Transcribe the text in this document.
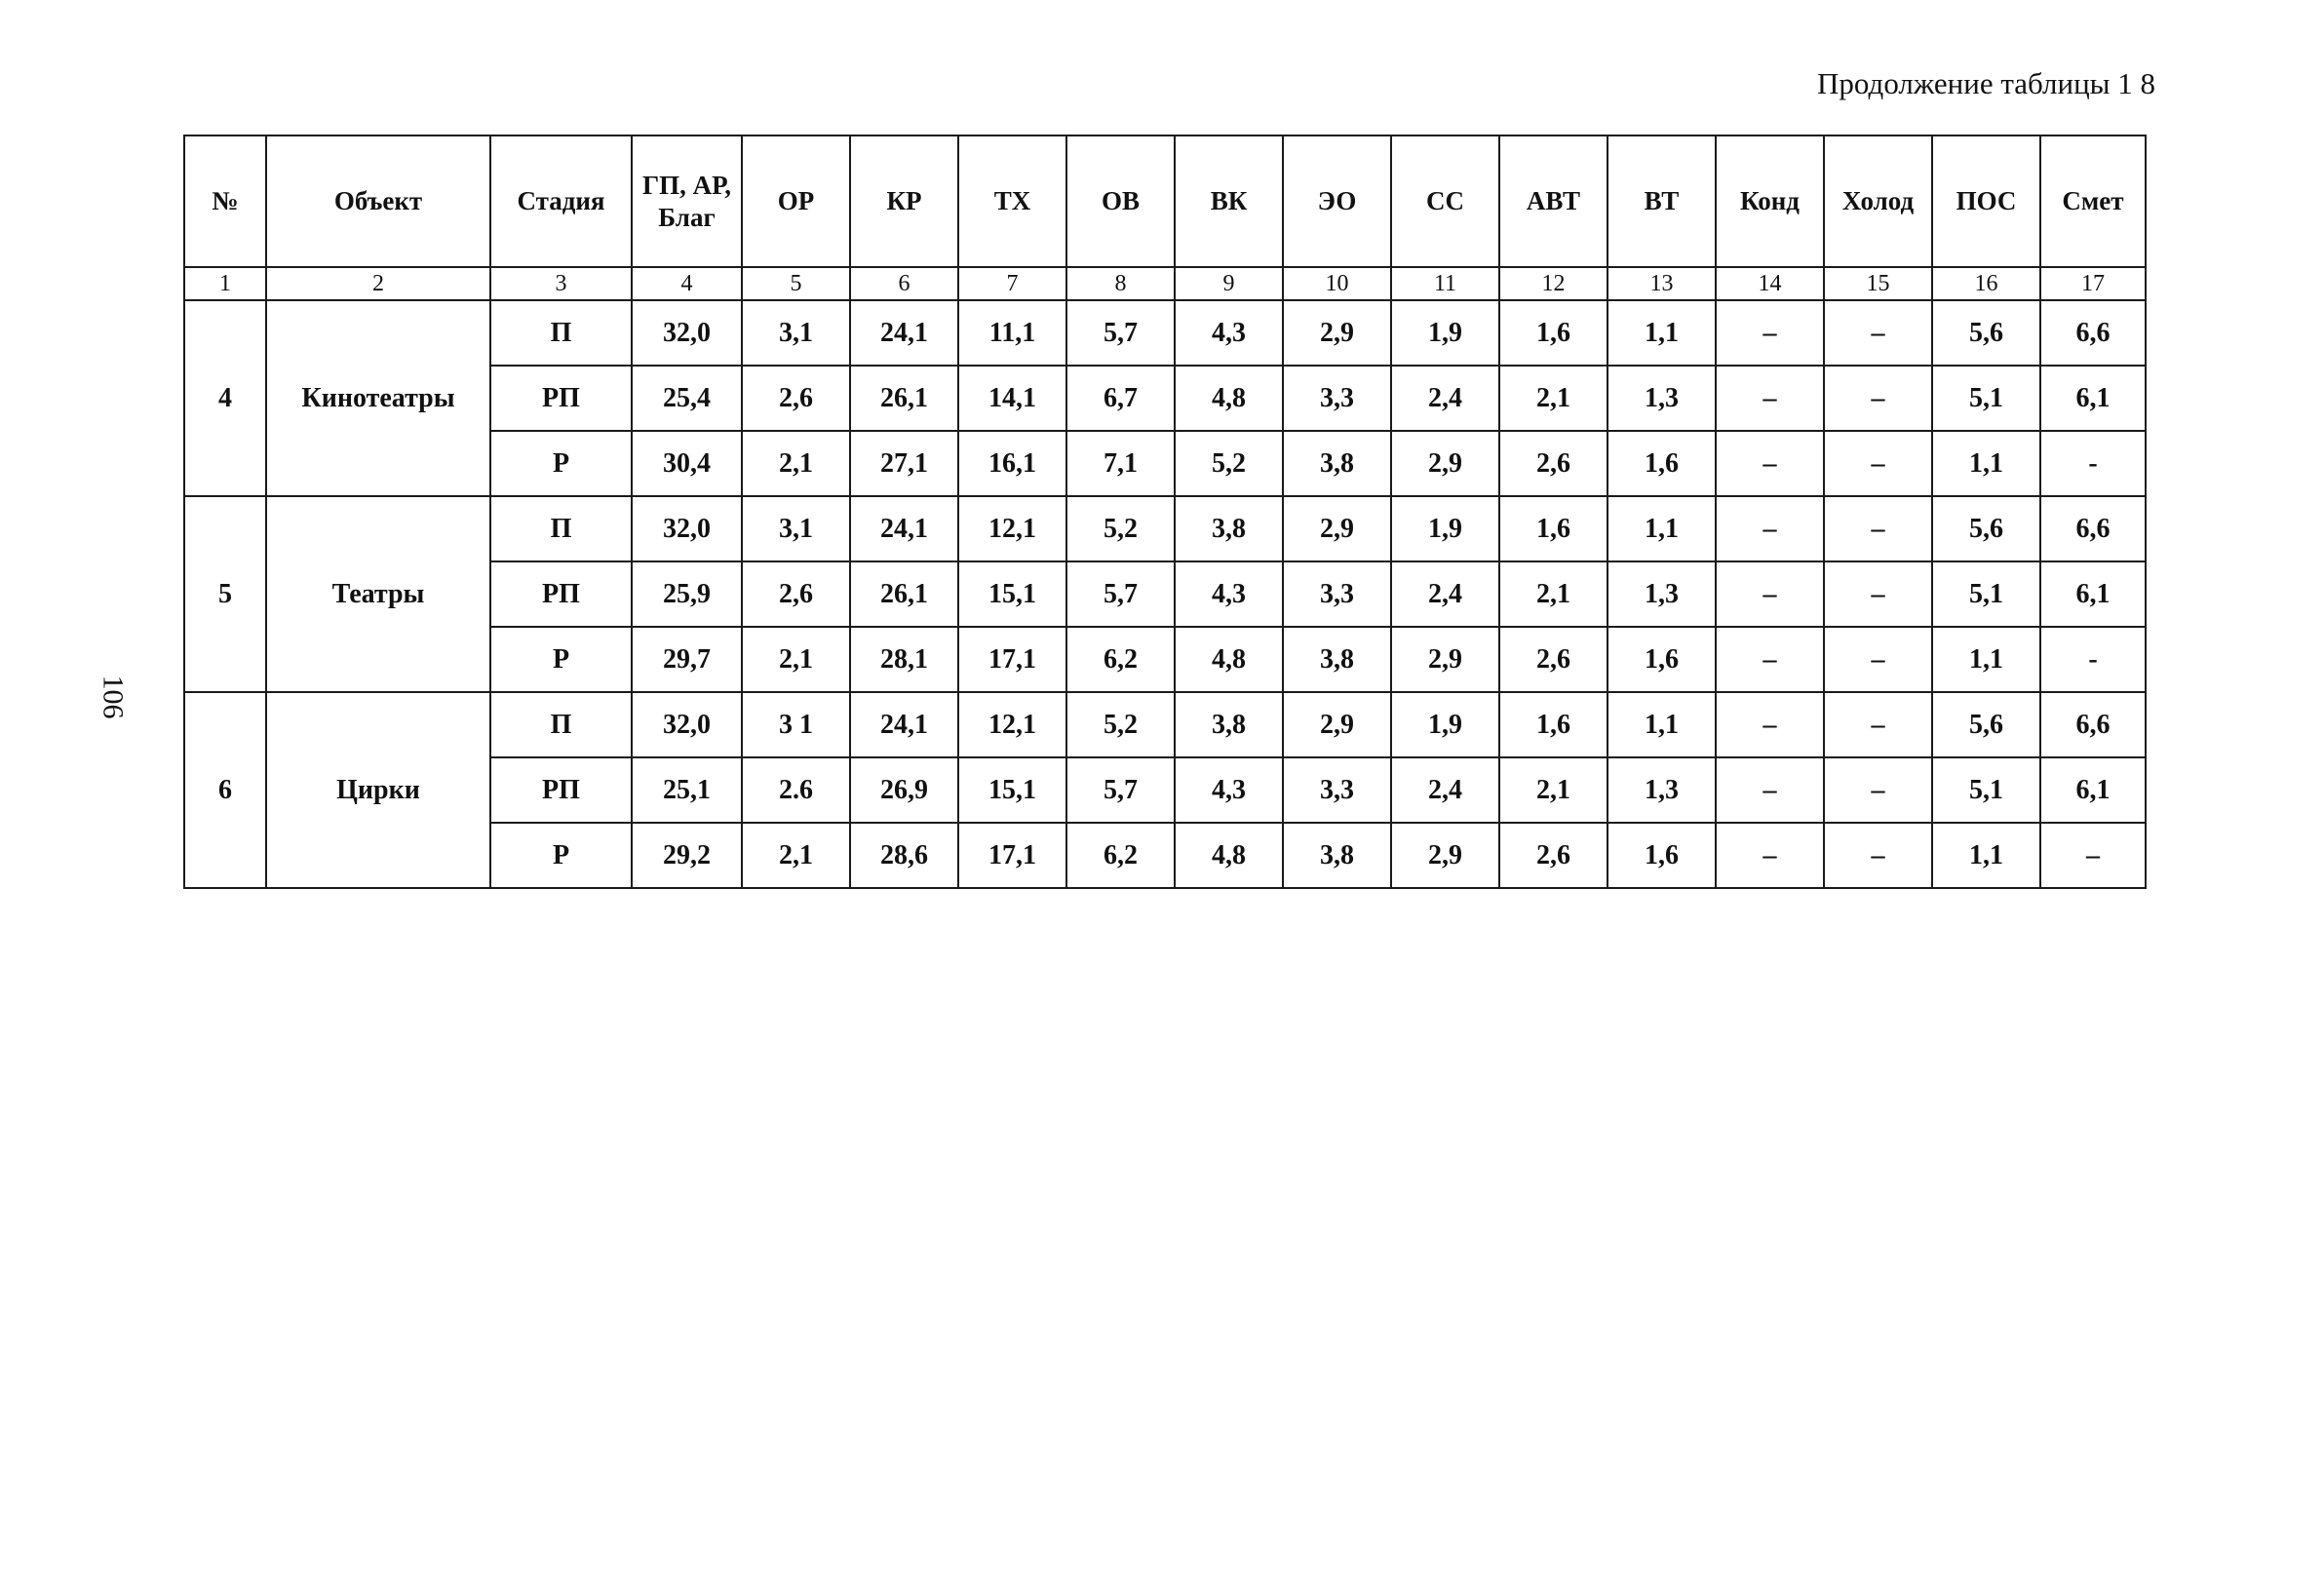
Продолжение таблицы 1 8
106
№	Объект	Стадия	ГП, АР, Благ	ОР	КР	ТХ	ОВ	ВК	ЭО	СС	АВТ	ВТ	Конд	Холод	ПОС	Смет
1	2	3	4	5	6	7	8	9	10	11	12	13	14	15	16	17
4	Кинотеатры	П	32,0	3,1	24,1	11,1	5,7	4,3	2,9	1,9	1,6	1,1	–	–	5,6	6,6
		РП	25,4	2,6	26,1	14,1	6,7	4,8	3,3	2,4	2,1	1,3	–	–	5,1	6,1
		Р	30,4	2,1	27,1	16,1	7,1	5,2	3,8	2,9	2,6	1,6	–	–	1,1	-
5	Театры	П	32,0	3,1	24,1	12,1	5,2	3,8	2,9	1,9	1,6	1,1	–	–	5,6	6,6
		РП	25,9	2,6	26,1	15,1	5,7	4,3	3,3	2,4	2,1	1,3	–	–	5,1	6,1
		Р	29,7	2,1	28,1	17,1	6,2	4,8	3,8	2,9	2,6	1,6	–	–	1,1	-
6	Цирки	П	32,0	3 1	24,1	12,1	5,2	3,8	2,9	1,9	1,6	1,1	–	–	5,6	6,6
		РП	25,1	2.6	26,9	15,1	5,7	4,3	3,3	2,4	2,1	1,3	–	–	5,1	6,1
		Р	29,2	2,1	28,6	17,1	6,2	4,8	3,8	2,9	2,6	1,6	–	–	1,1	–
